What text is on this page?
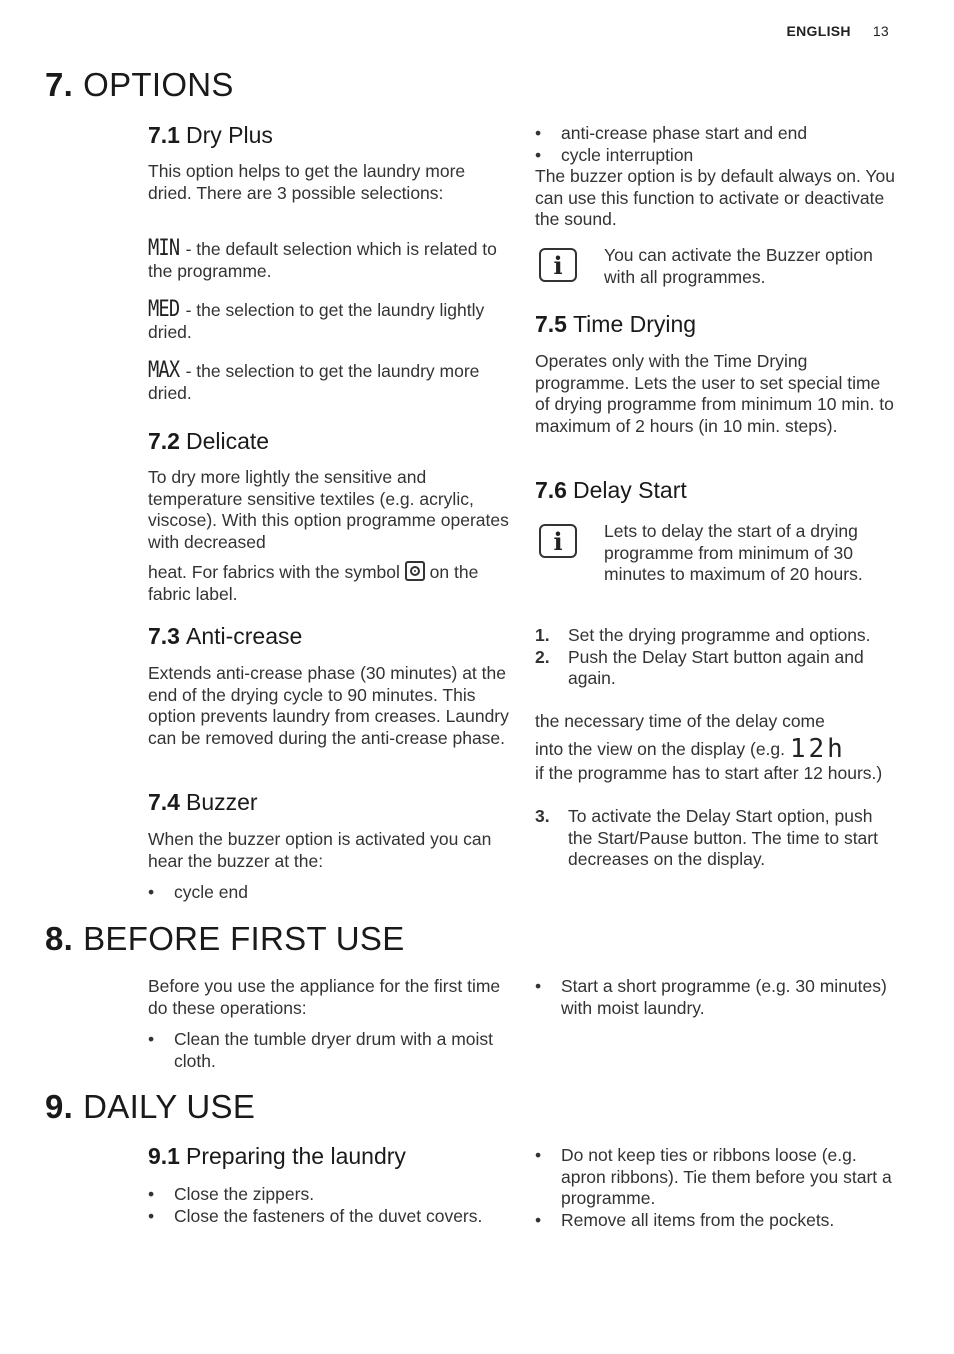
ENGLISH 13
7. OPTIONS
7.1 Dry Plus

This option helps to get the laundry more dried. There are 3 possible selections:

MIN - the default selection which is related to the programme.

MED - the selection to get the laundry lightly dried.

MAX - the selection to get the laundry more dried.

7.2 Delicate

To dry more lightly the sensitive and temperature sensitive textiles (e.g. acrylic, viscose). With this option programme operates with decreased

heat. For fabrics with the symbol  on the fabric label.

7.3 Anti-crease

Extends anti-crease phase (30 minutes) at the end of the drying cycle to 90 minutes. This option prevents laundry from creases. Laundry can be removed during the anti-crease phase.

7.4 Buzzer

When the buzzer option is activated you can hear the buzzer at the:

• cycle end
• anti-crease phase start and end
• cycle interruption

The buzzer option is by default always on. You can use this function to activate or deactivate the sound.

i	You can activate the Buzzer option with all programmes.

7.5 Time Drying

Operates only with the Time Drying programme. Lets the user to set special time of drying programme from minimum 10 min. to maximum of 2 hours (in 10 min. steps).

7.6 Delay Start
i	Lets to delay the start of a drying programme from minimum of 30 minutes to maximum of 20 hours.

1. Set the drying programme and options.
2. Push the Delay Start button again and again.

the necessary time of the delay come

into the view on the display (e.g. 12h

if the programme has to start after 12 hours.)

3. To activate the Delay Start option, push the Start/Pause button. The time to start decreases on the display.
8. BEFORE FIRST USE

Before you use the appliance for the first time do these operations:

• Clean the tumble dryer drum with a moist cloth.
• Start a short programme (e.g. 30 minutes) with moist laundry.
9. DAILY USE
9.1 Preparing the laundry
• Close the zippers.
• Close the fasteners of the duvet covers.
• Do not keep ties or ribbons loose (e.g. apron ribbons). Tie them before you start a programme.
• Remove all items from the pockets.
